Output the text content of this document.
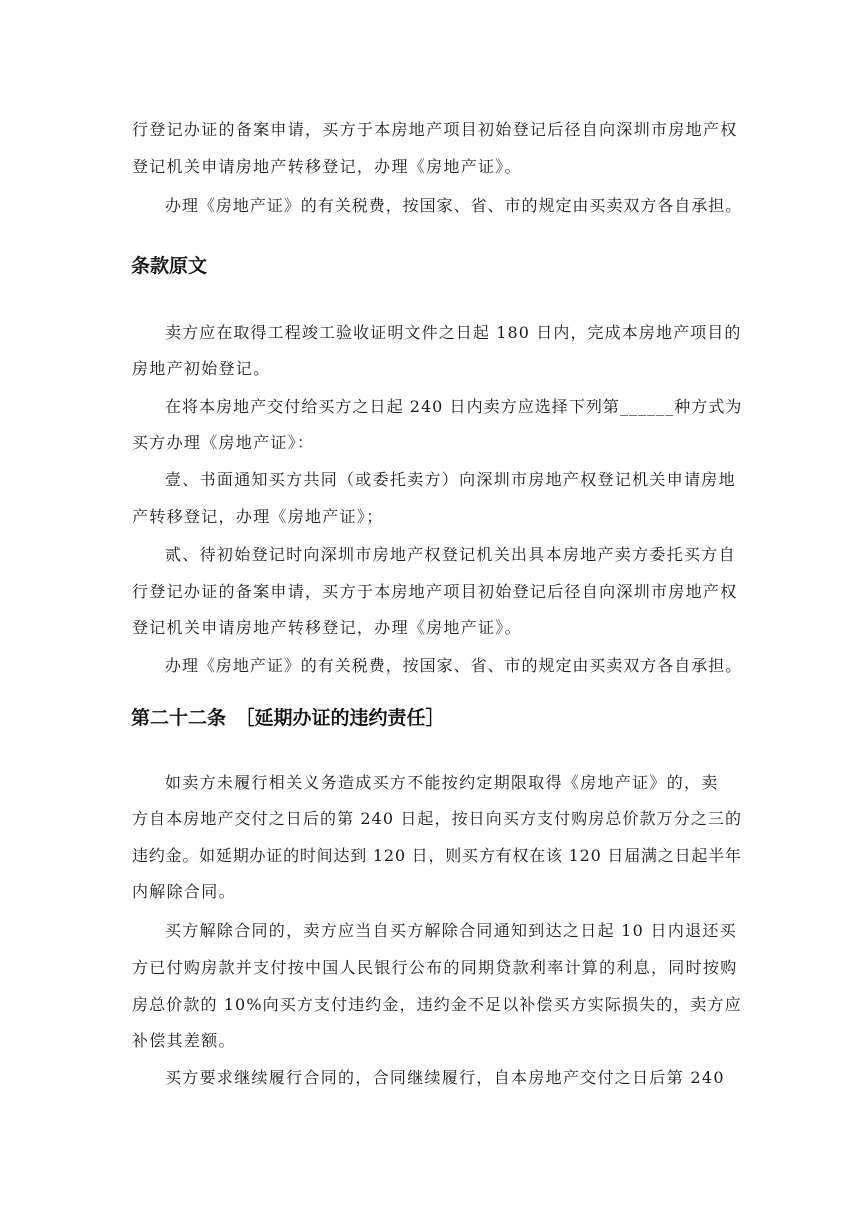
行登记办证的备案申请，买方于本房地产项目初始登记后径自向深圳市房地产权
登记机关申请房地产转移登记，办理《房地产证》。
办理《房地产证》的有关税费，按国家、省、市的规定由买卖双方各自承担。
条款原文
卖方应在取得工程竣工验收证明文件之日起 180 日内，完成本房地产项目的
房地产初始登记。
在将本房地产交付给买方之日起 240 日内卖方应选择下列第______种方式为
买方办理《房地产证》：
壹、书面通知买方共同（或委托卖方）向深圳市房地产权登记机关申请房地
产转移登记，办理《房地产证》；
贰、待初始登记时向深圳市房地产权登记机关出具本房地产卖方委托买方自
行登记办证的备案申请，买方于本房地产项目初始登记后径自向深圳市房地产权
登记机关申请房地产转移登记，办理《房地产证》。
办理《房地产证》的有关税费，按国家、省、市的规定由买卖双方各自承担。
第二十二条　［延期办证的违约责任］
如卖方未履行相关义务造成买方不能按约定期限取得《房地产证》的，卖
方自本房地产交付之日后的第 240 日起，按日向买方支付购房总价款万分之三的
违约金。如延期办证的时间达到 120 日，则买方有权在该 120 日届满之日起半年
内解除合同。
买方解除合同的，卖方应当自买方解除合同通知到达之日起 10 日内退还买
方已付购房款并支付按中国人民银行公布的同期贷款利率计算的利息，同时按购
房总价款的 10%向买方支付违约金，违约金不足以补偿买方实际损失的，卖方应
补偿其差额。
买方要求继续履行合同的，合同继续履行，自本房地产交付之日后第 240
